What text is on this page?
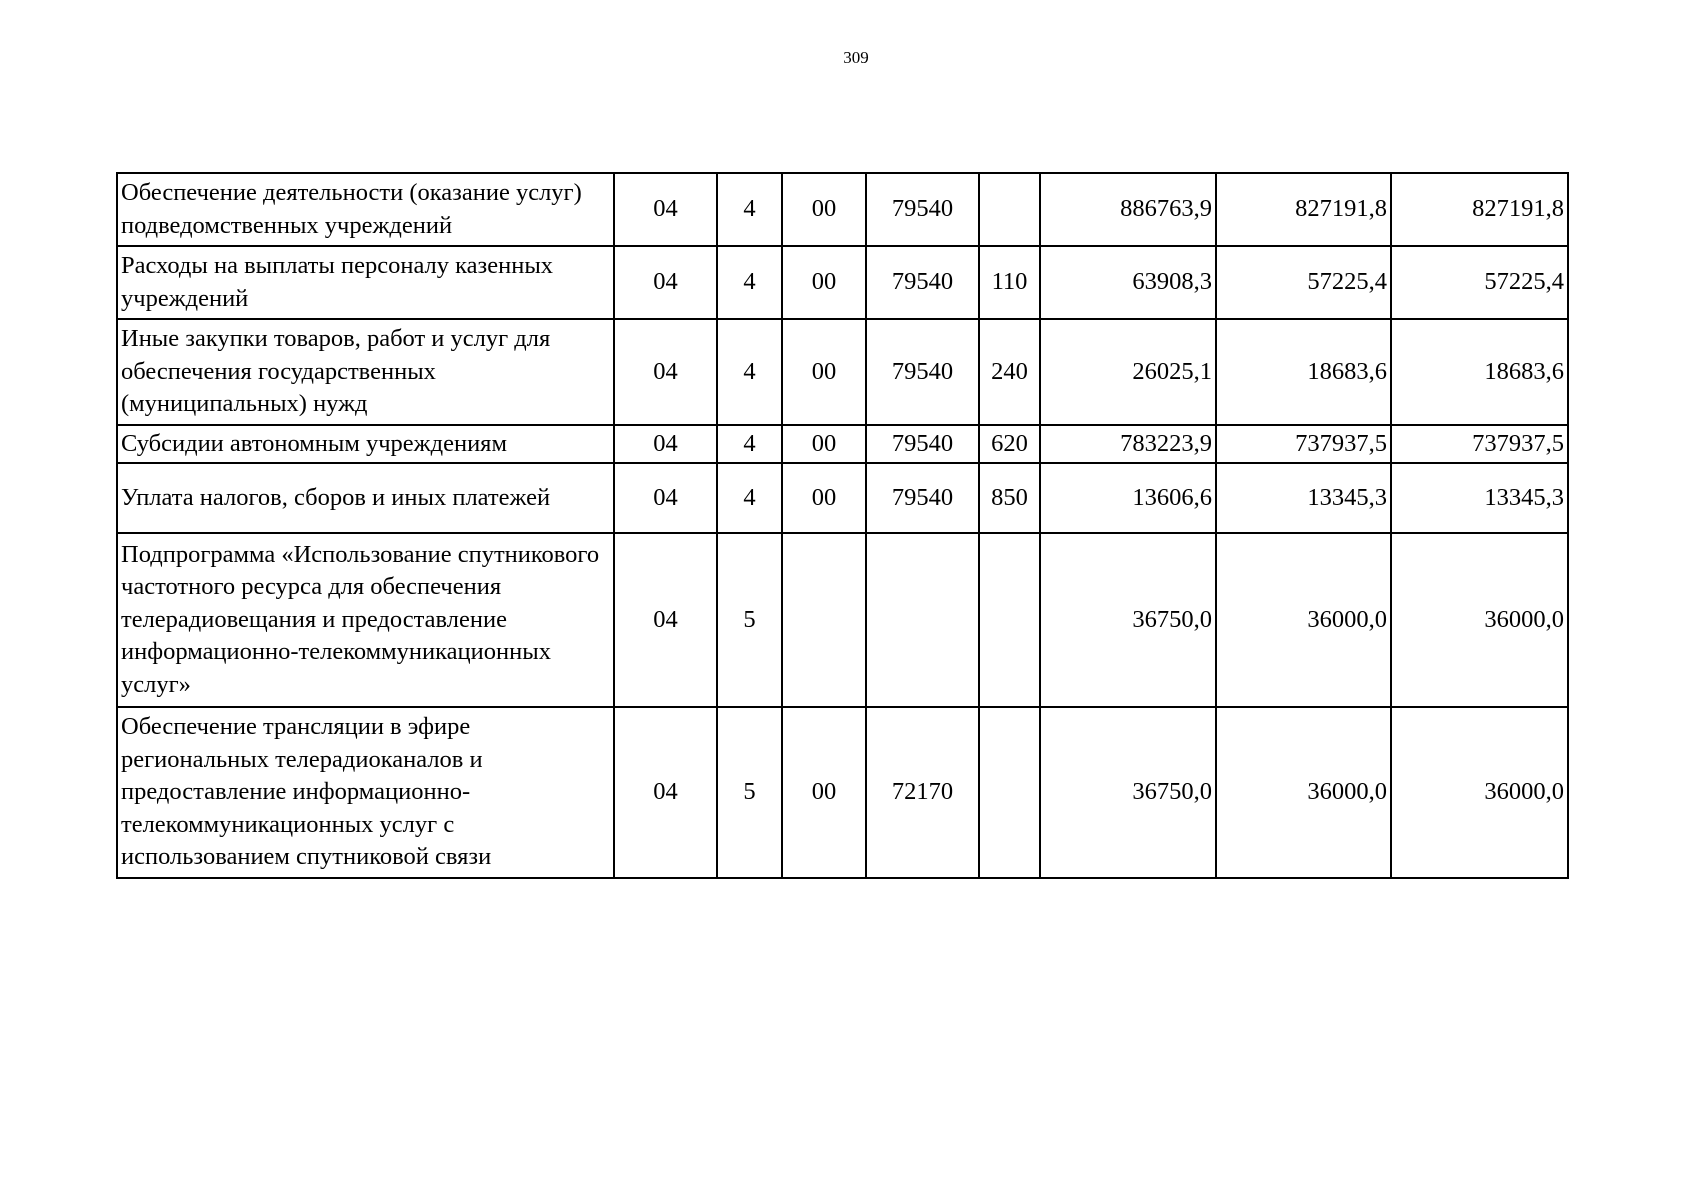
309
Обеспечение деятельности (оказание услуг) подведомственных учреждений	04	4	00	79540		886763,9	827191,8	827191,8
Расходы на выплаты персоналу казенных учреждений	04	4	00	79540	110	63908,3	57225,4	57225,4
Иные закупки товаров, работ и услуг для обеспечения государственных (муниципальных) нужд	04	4	00	79540	240	26025,1	18683,6	18683,6
Субсидии автономным учреждениям	04	4	00	79540	620	783223,9	737937,5	737937,5
Уплата налогов, сборов и иных платежей	04	4	00	79540	850	13606,6	13345,3	13345,3
Подпрограмма «Использование спутникового частотного ресурса для обеспечения телерадиовещания и предоставление информационно-телекоммуникационных услуг»	04	5				36750,0	36000,0	36000,0
Обеспечение трансляции в эфире региональных телерадиоканалов и предоставление информационно-телекоммуникационных услуг с использованием спутниковой связи	04	5	00	72170		36750,0	36000,0	36000,0
